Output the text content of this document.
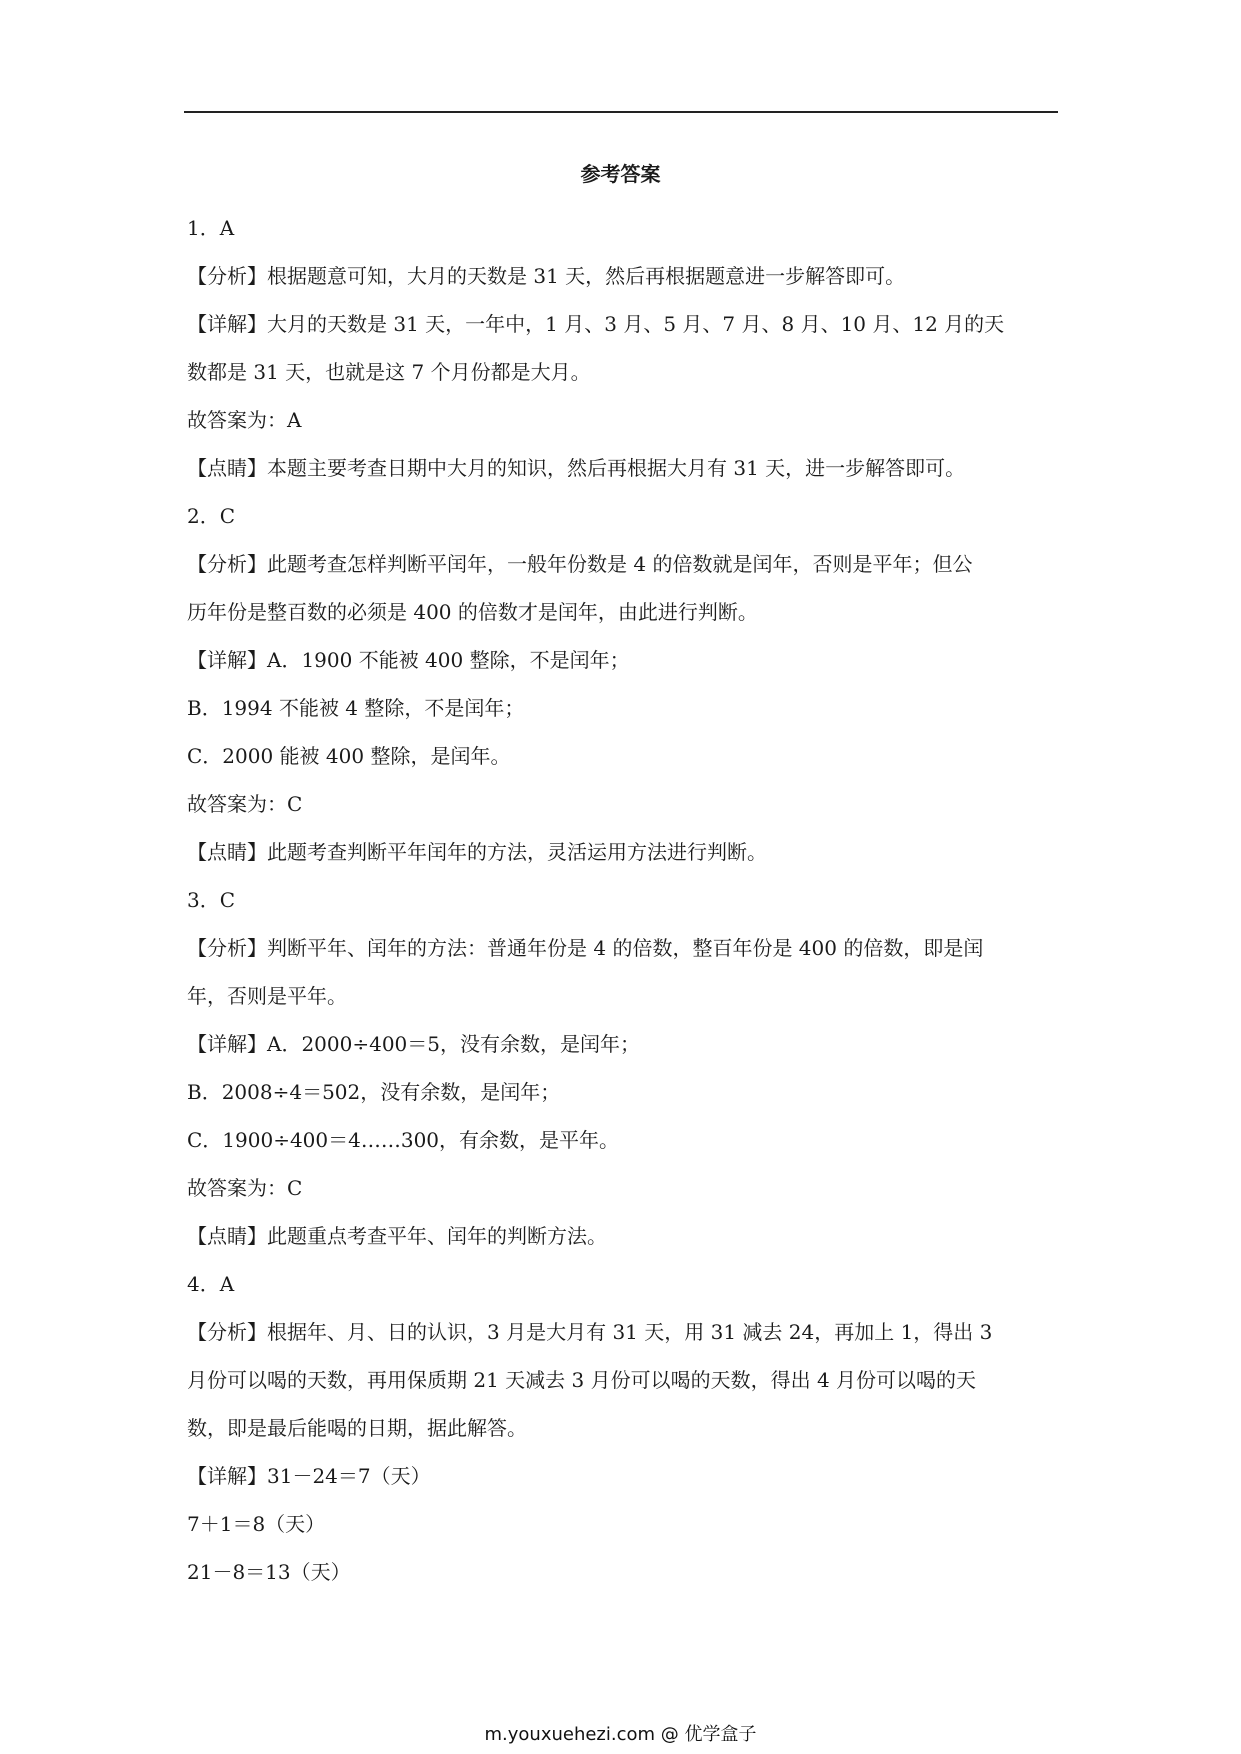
参考答案
1．A
【分析】根据题意可知，大月的天数是 31 天，然后再根据题意进一步解答即可。
【详解】大月的天数是 31 天，一年中，1 月、3 月、5 月、7 月、8 月、10 月、12 月的天
数都是 31 天，也就是这 7 个月份都是大月。
故答案为：A
【点睛】本题主要考查日期中大月的知识，然后再根据大月有 31 天，进一步解答即可。
2．C
【分析】此题考查怎样判断平闰年，一般年份数是 4 的倍数就是闰年，否则是平年；但公
历年份是整百数的必须是 400 的倍数才是闰年，由此进行判断。
【详解】A．1900 不能被 400 整除，不是闰年；
B．1994 不能被 4 整除，不是闰年；
C．2000 能被 400 整除，是闰年。
故答案为：C
【点睛】此题考查判断平年闰年的方法，灵活运用方法进行判断。
3．C
【分析】判断平年、闰年的方法：普通年份是 4 的倍数，整百年份是 400 的倍数，即是闰
年，否则是平年。
【详解】A．2000÷400＝5，没有余数，是闰年；
B．2008÷4＝502，没有余数，是闰年；
C．1900÷400＝4……300，有余数，是平年。
故答案为：C
【点睛】此题重点考查平年、闰年的判断方法。
4．A
【分析】根据年、月、日的认识，3 月是大月有 31 天，用 31 减去 24，再加上 1，得出 3
月份可以喝的天数，再用保质期 21 天减去 3 月份可以喝的天数，得出 4 月份可以喝的天
数，即是最后能喝的日期，据此解答。
【详解】31－24＝7（天）
7＋1＝8（天）
21－8＝13（天）
m.youxuehezi.com @ 优学盒子
